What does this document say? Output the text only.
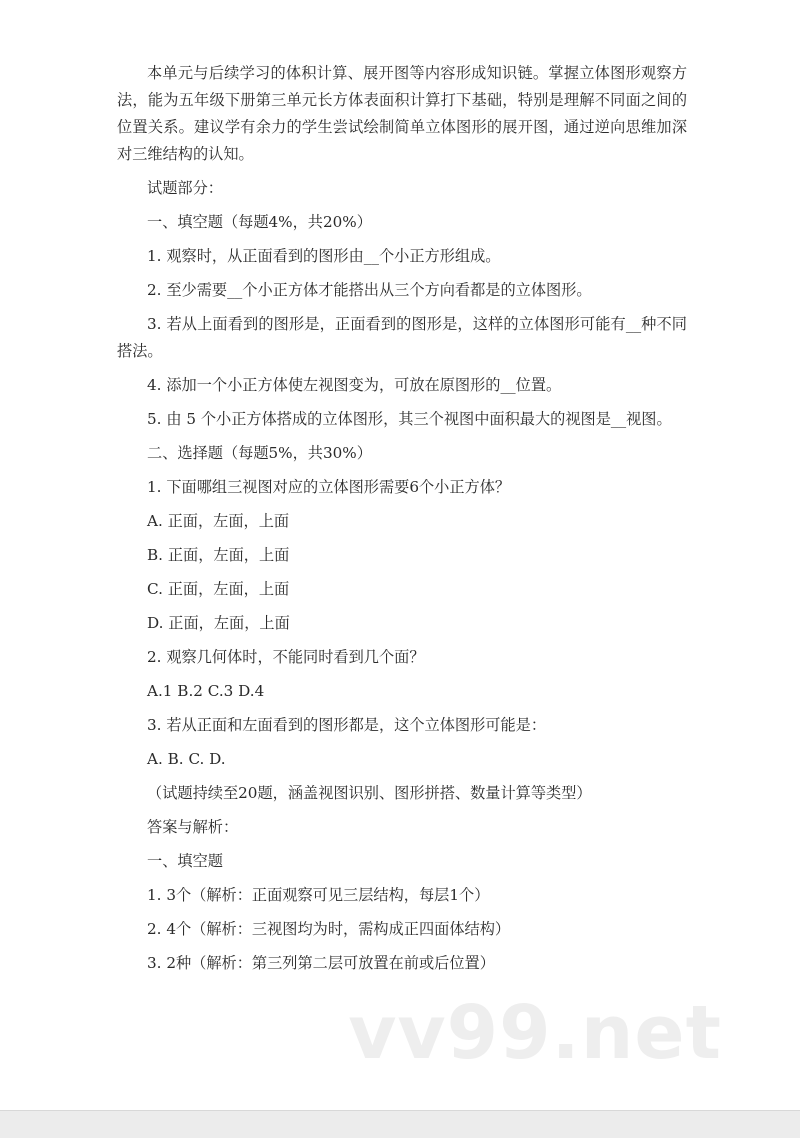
本单元与后续学习的体积计算、展开图等内容形成知识链。掌握立体图形观察方法，能为五年级下册第三单元长方体表面积计算打下基础，特别是理解不同面之间的位置关系。建议学有余力的学生尝试绘制简单立体图形的展开图，通过逆向思维加深对三维结构的认知。

试题部分：

一、填空题（每题4%，共20%）

1. 观察时，从正面看到的图形由__个小正方形组成。

2. 至少需要__个小正方体才能搭出从三个方向看都是的立体图形。

3. 若从上面看到的图形是，正面看到的图形是，这样的立体图形可能有__种不同搭法。

4. 添加一个小正方体使左视图变为，可放在原图形的__位置。

5. 由 5 个小正方体搭成的立体图形，其三个视图中面积最大的视图是__视图。

二、选择题（每题5%，共30%）

1. 下面哪组三视图对应的立体图形需要6个小正方体？

A. 正面，左面，上面

B. 正面，左面，上面

C. 正面，左面，上面

D. 正面，左面，上面

2. 观察几何体时，不能同时看到几个面？

A.1 B.2 C.3 D.4

3. 若从正面和左面看到的图形都是，这个立体图形可能是：

A. B. C. D.

（试题持续至20题，涵盖视图识别、图形拼搭、数量计算等类型）

答案与解析：

一、填空题

1. 3个（解析：正面观察可见三层结构，每层1个）

2. 4个（解析：三视图均为时，需构成正四面体结构）

3. 2种（解析：第三列第二层可放置在前或后位置）

vv99.net
